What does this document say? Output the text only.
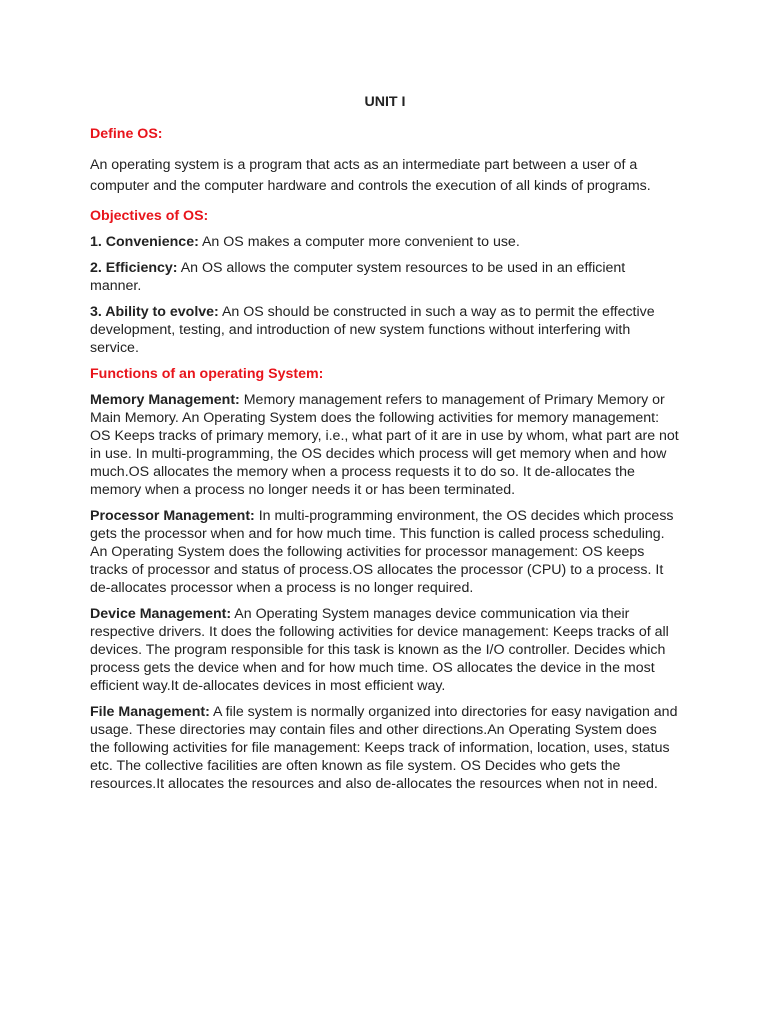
UNIT I
Define OS:

An operating system is a program that acts as an intermediate part between a user of a computer and the computer hardware and controls the execution of all kinds of programs.

Objectives of OS:

1. Convenience: An OS makes a computer more convenient to use.

2. Efficiency: An OS allows the computer system resources to be used in an efficient manner.

3. Ability to evolve: An OS should be constructed in such a way as to permit the effective development, testing, and introduction of new system functions without interfering with service.

Functions of an operating System:

Memory Management: Memory management refers to management of Primary Memory or Main Memory. An Operating System does the following activities for memory management: OS Keeps tracks of primary memory, i.e., what part of it are in use by whom, what part are not in use. In multi-programming, the OS decides which process will get memory when and how much.OS allocates the memory when a process requests it to do so. It de-allocates the memory when a process no longer needs it or has been terminated.

Processor Management: In multi-programming environment, the OS decides which process gets the processor when and for how much time. This function is called process scheduling. An Operating System does the following activities for processor management: OS keeps tracks of processor and status of process.OS allocates the processor (CPU) to a process. It de-allocates processor when a process is no longer required.

Device Management: An Operating System manages device communication via their respective drivers. It does the following activities for device management: Keeps tracks of all devices. The program responsible for this task is known as the I/O controller. Decides which process gets the device when and for how much time. OS allocates the device in the most efficient way.It de-allocates devices in most efficient way.

File Management: A file system is normally organized into directories for easy navigation and usage. These directories may contain files and other directions.An Operating System does the following activities for file management: Keeps track of information, location, uses, status etc. The collective facilities are often known as file system. OS Decides who gets the resources.It allocates the resources and also de-allocates the resources when not in need.
